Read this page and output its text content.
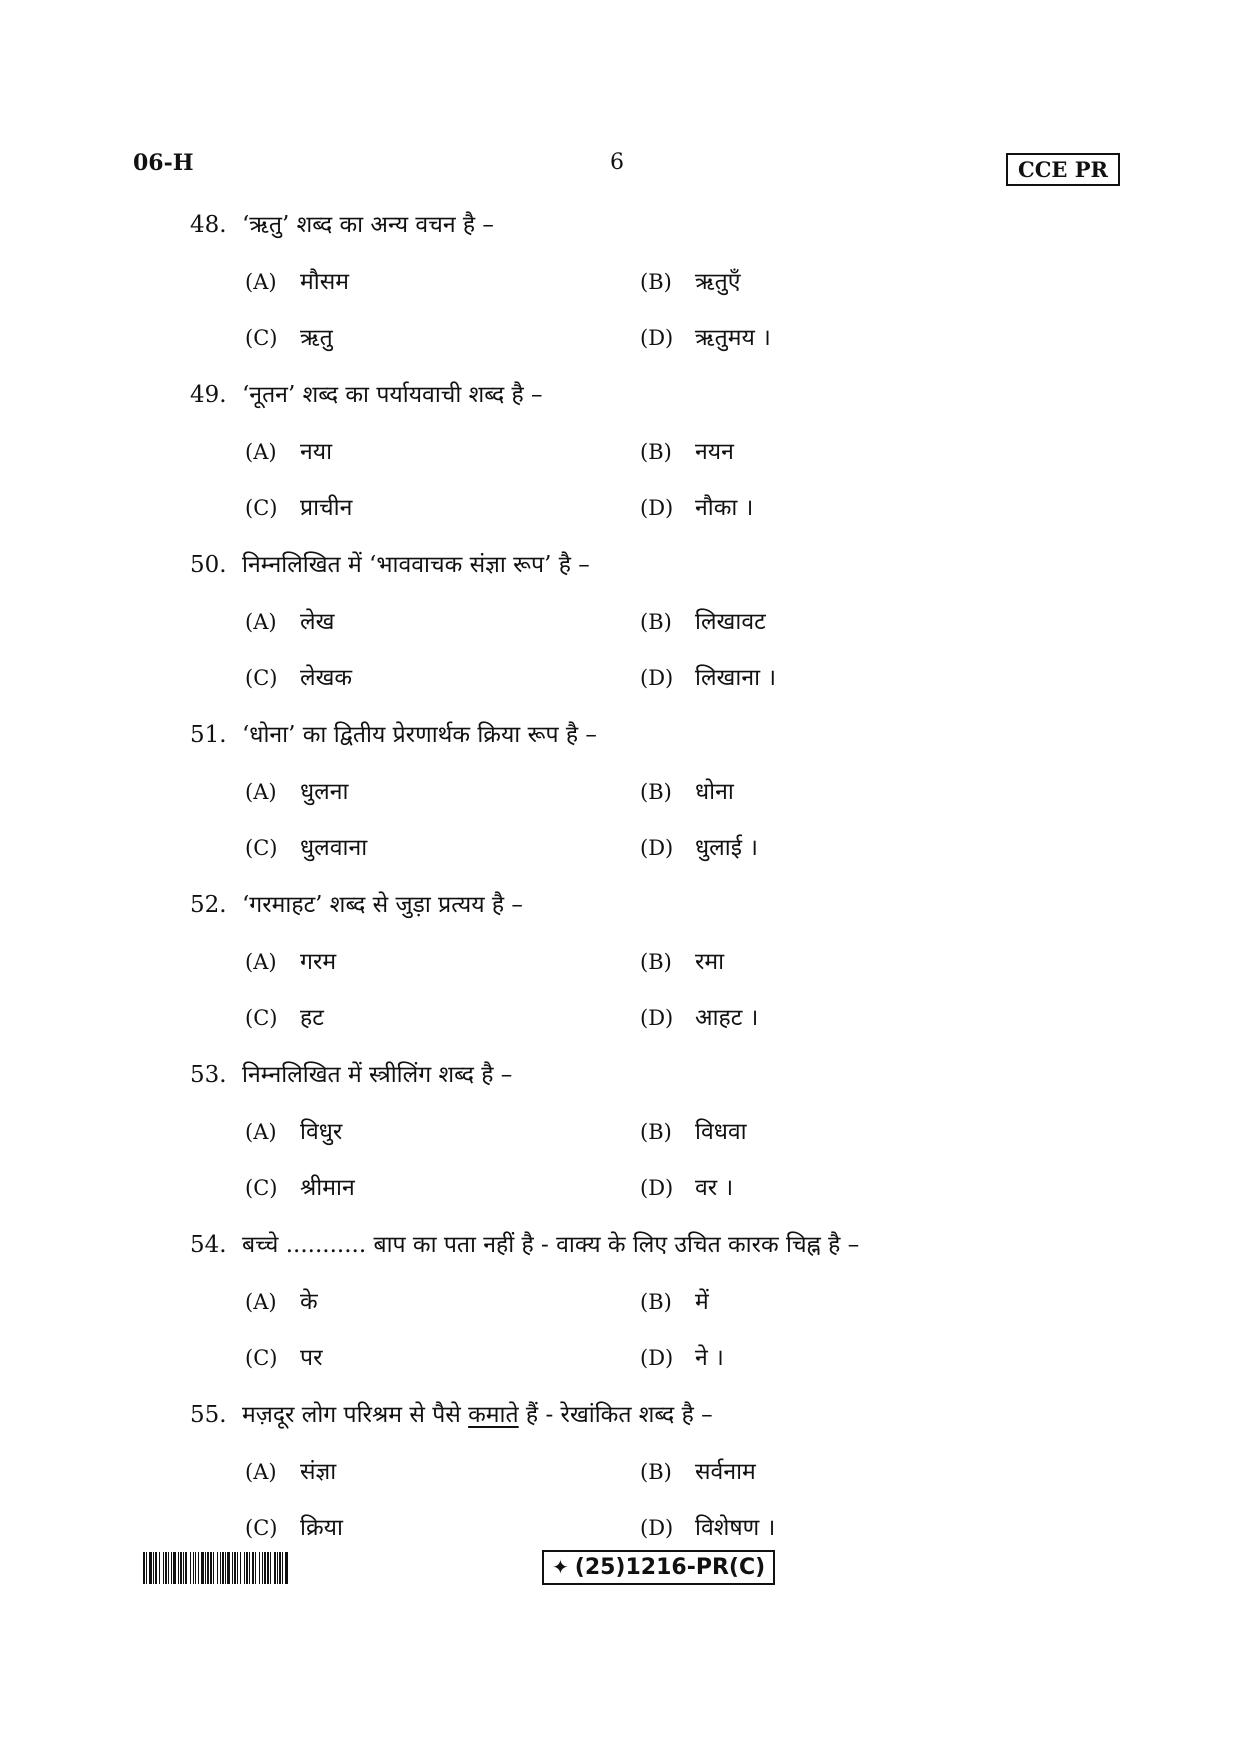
06-H	6	CCE PR
48. ‘ऋतु’ शब्द का अन्य वचन है –
(A) मौसम	(B) ऋतुएँ
(C) ऋतु	(D) ऋतुमय ।
49. ‘नूतन’ शब्द का पर्यायवाची शब्द है –
(A) नया	(B) नयन
(C) प्राचीन	(D) नौका ।
50. निम्नलिखित में ‘भाववाचक संज्ञा रूप’ है –
(A) लेख	(B) लिखावट
(C) लेखक	(D) लिखाना ।
51. ‘धोना’ का द्वितीय प्रेरणार्थक क्रिया रूप है –
(A) धुलना	(B) धोना
(C) धुलवाना	(D) धुलाई ।
52. ‘गरमाहट’ शब्द से जुड़ा प्रत्यय है –
(A) गरम	(B) रमा
(C) हट	(D) आहट ।
53. निम्नलिखित में स्त्रीलिंग शब्द है –
(A) विधुर	(B) विधवा
(C) श्रीमान	(D) वर ।
54. बच्चे ........... बाप का पता नहीं है - वाक्य के लिए उचित कारक चिह्न है –
(A) के	(B) में
(C) पर	(D) ने ।
55. मज़दूर लोग परिश्रम से पैसे कमाते हैं - रेखांकित शब्द है –
(A) संज्ञा	(B) सर्वनाम
(C) क्रिया	(D) विशेषण ।
✦ (25)1216-PR(C)
